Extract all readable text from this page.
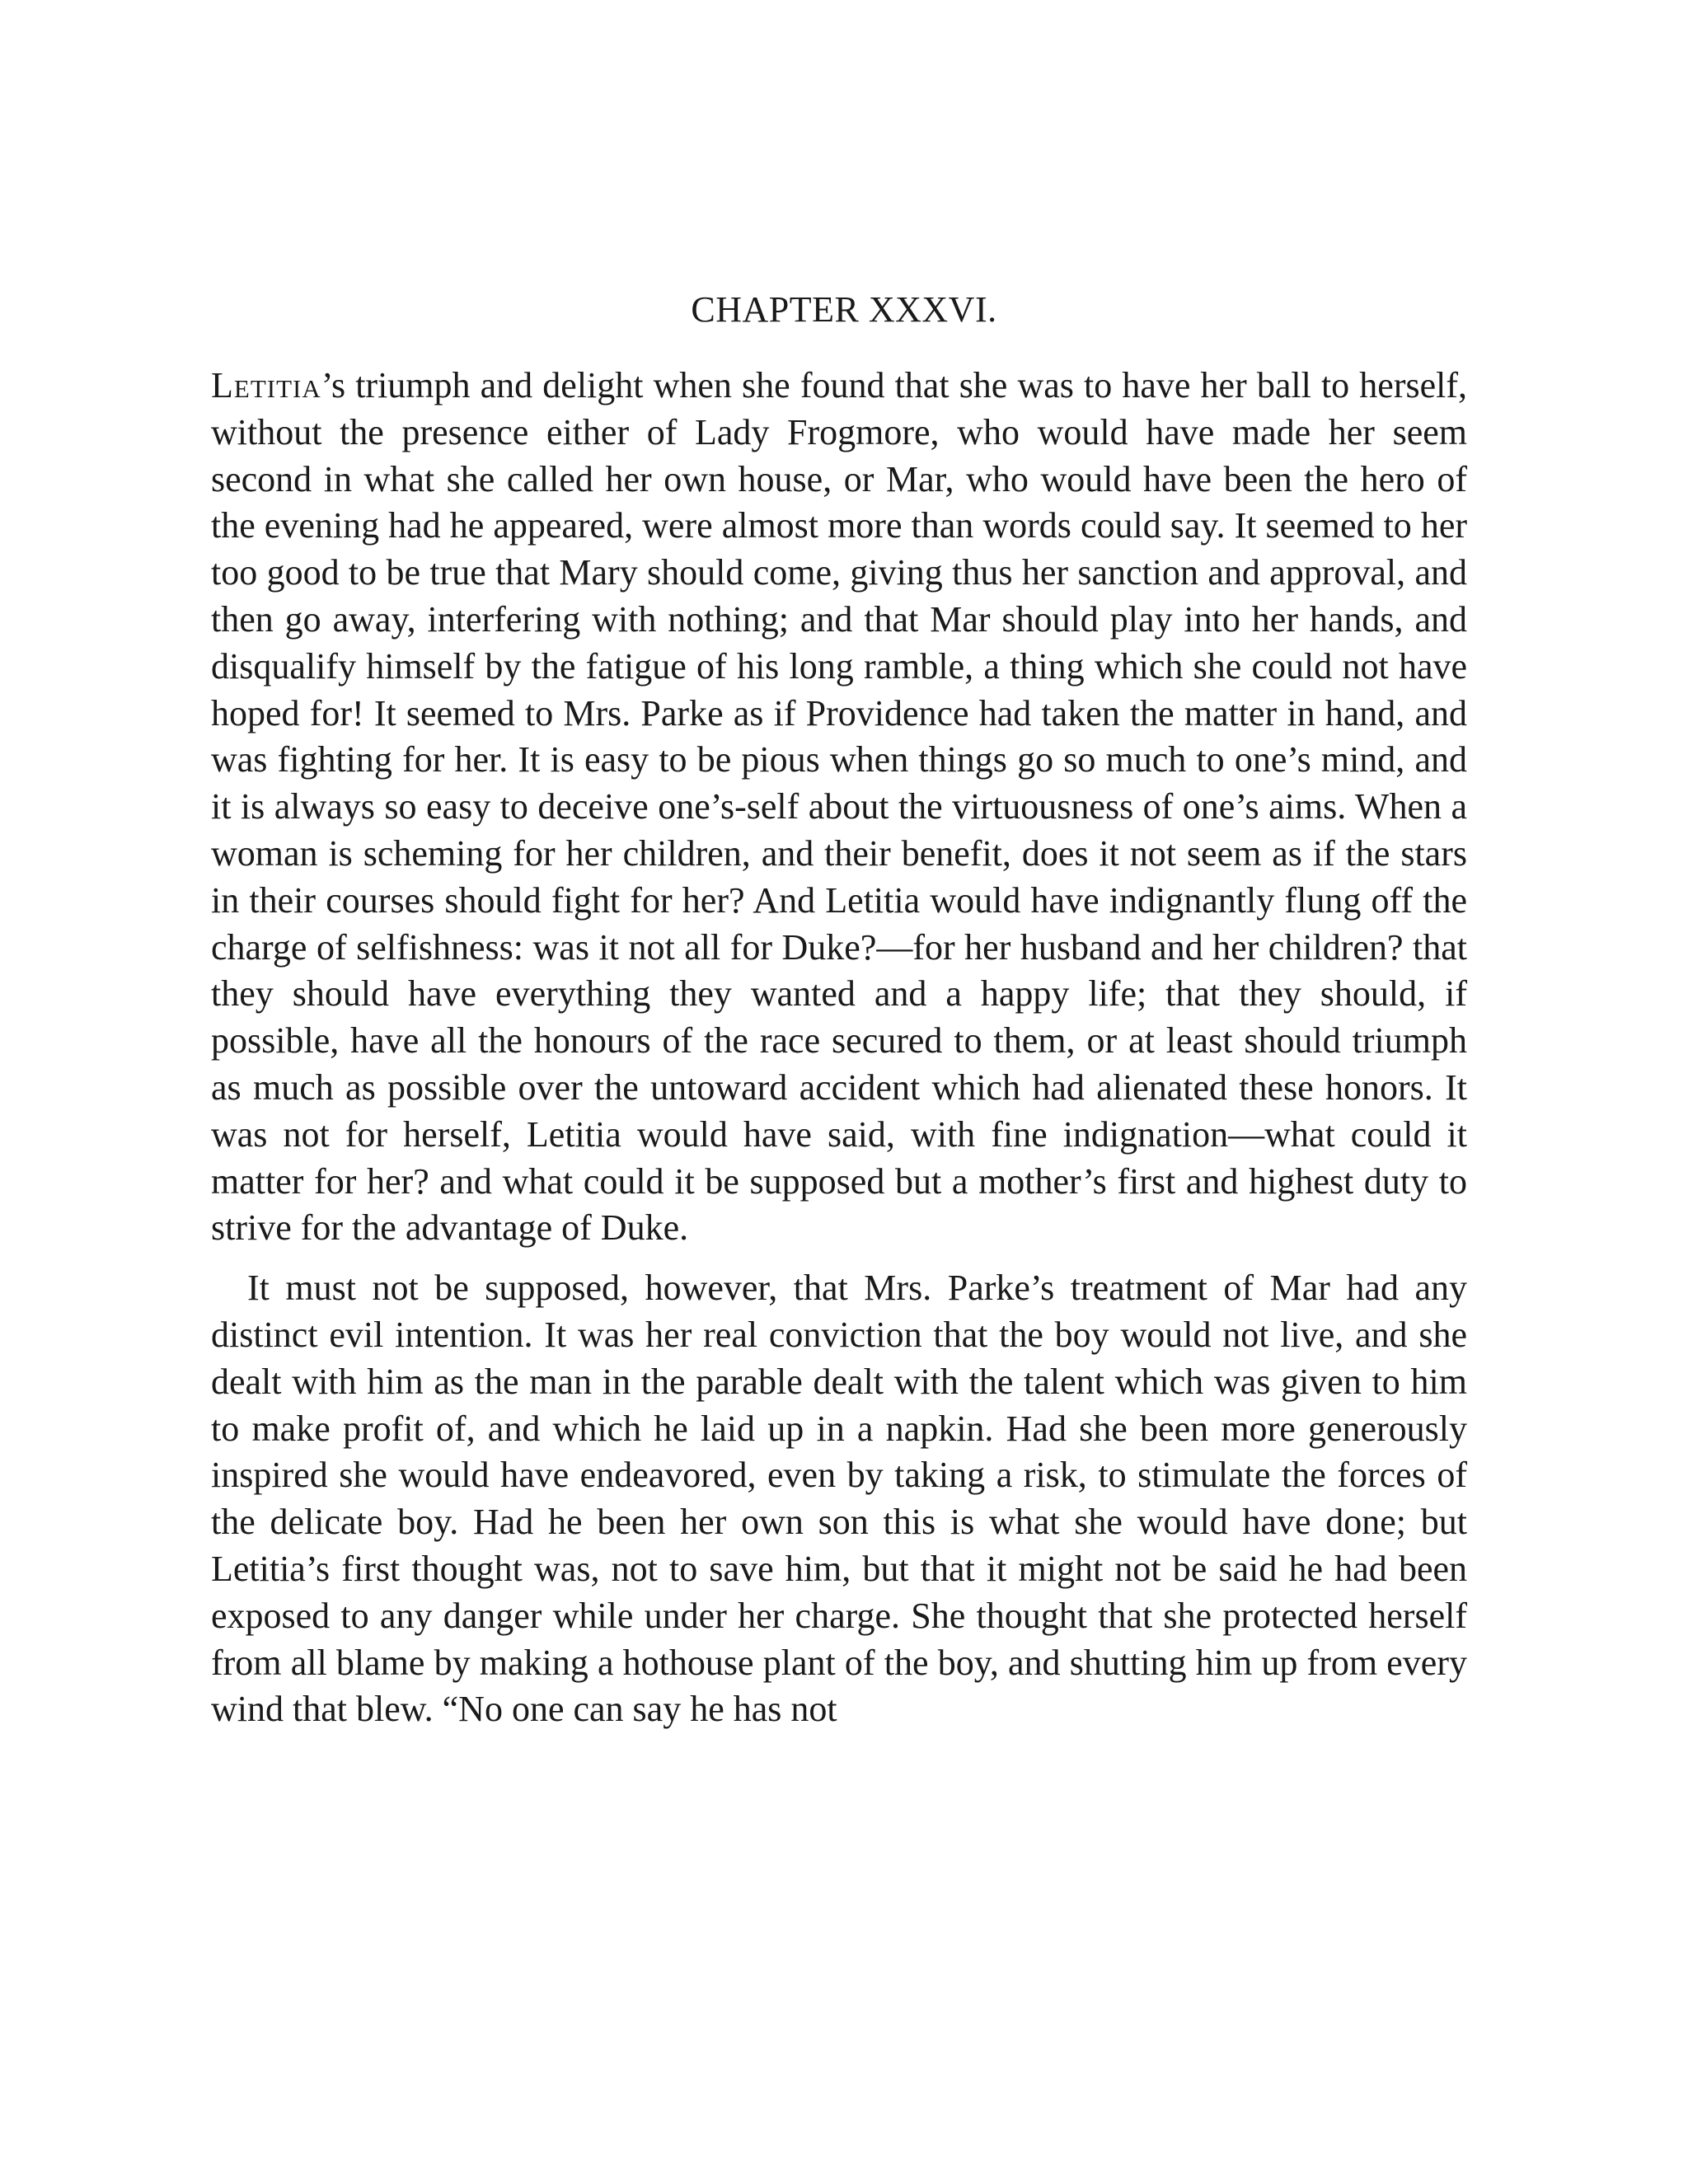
CHAPTER XXXVI.

Letitia’s triumph and delight when she found that she was to have her ball to herself, without the presence either of Lady Frogmore, who would have made her seem second in what she called her own house, or Mar, who would have been the hero of the evening had he appeared, were almost more than words could say. It seemed to her too good to be true that Mary should come, giving thus her sanction and approval, and then go away, interfering with nothing; and that Mar should play into her hands, and disqualify himself by the fatigue of his long ramble, a thing which she could not have hoped for! It seemed to Mrs. Parke as if Providence had taken the matter in hand, and was fighting for her. It is easy to be pious when things go so much to one’s mind, and it is always so easy to deceive one’s-self about the virtuousness of one’s aims. When a woman is scheming for her children, and their benefit, does it not seem as if the stars in their courses should fight for her? And Letitia would have indignantly flung off the charge of selfishness: was it not all for Duke?—for her husband and her children? that they should have everything they wanted and a happy life; that they should, if possible, have all the honours of the race secured to them, or at least should triumph as much as possible over the untoward accident which had alienated these honors. It was not for herself, Letitia would have said, with fine indignation—what could it matter for her? and what could it be supposed but a mother’s first and highest duty to strive for the advantage of Duke.

It must not be supposed, however, that Mrs. Parke’s treatment of Mar had any distinct evil intention. It was her real conviction that the boy would not live, and she dealt with him as the man in the parable dealt with the talent which was given to him to make profit of, and which he laid up in a napkin. Had she been more generously inspired she would have endeavored, even by taking a risk, to stimulate the forces of the delicate boy. Had he been her own son this is what she would have done; but Letitia’s first thought was, not to save him, but that it might not be said he had been exposed to any danger while under her charge. She thought that she protected herself from all blame by making a hothouse plant of the boy, and shutting him up from every wind that blew. “No one can say he has not
